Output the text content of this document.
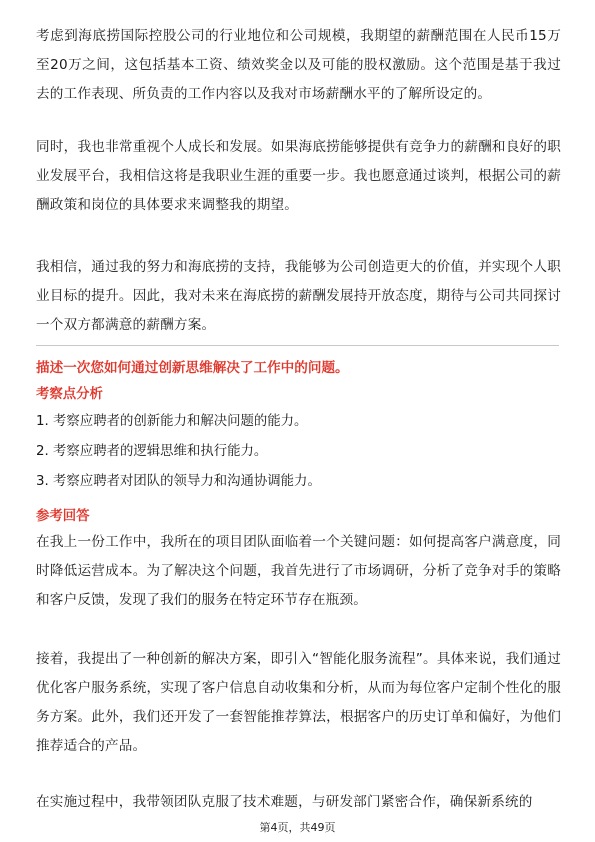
考虑到海底捞国际控股公司的行业地位和公司规模，我期望的薪酬范围在人民币15万至20万之间，这包括基本工资、绩效奖金以及可能的股权激励。这个范围是基于我过去的工作表现、所负责的工作内容以及我对市场薪酬水平的了解所设定的。

同时，我也非常重视个人成长和发展。如果海底捞能够提供有竞争力的薪酬和良好的职业发展平台，我相信这将是我职业生涯的重要一步。我也愿意通过谈判，根据公司的薪酬政策和岗位的具体要求来调整我的期望。

我相信，通过我的努力和海底捞的支持，我能够为公司创造更大的价值，并实现个人职业目标的提升。因此，我对未来在海底捞的薪酬发展持开放态度，期待与公司共同探讨一个双方都满意的薪酬方案。

描述一次您如何通过创新思维解决了工作中的问题。
考察点分析

1. 考察应聘者的创新能力和解决问题的能力。

2. 考察应聘者的逻辑思维和执行能力。

3. 考察应聘者对团队的领导力和沟通协调能力。

参考回答

在我上一份工作中，我所在的项目团队面临着一个关键问题：如何提高客户满意度，同时降低运营成本。为了解决这个问题，我首先进行了市场调研，分析了竞争对手的策略和客户反馈，发现了我们的服务在特定环节存在瓶颈。

接着，我提出了一种创新的解决方案，即引入“智能化服务流程”。具体来说，我们通过优化客户服务系统，实现了客户信息自动收集和分析，从而为每位客户定制个性化的服务方案。此外，我们还开发了一套智能推荐算法，根据客户的历史订单和偏好，为他们推荐适合的产品。

在实施过程中，我带领团队克服了技术难题，与研发部门紧密合作，确保新系统的

第4页，共49页
